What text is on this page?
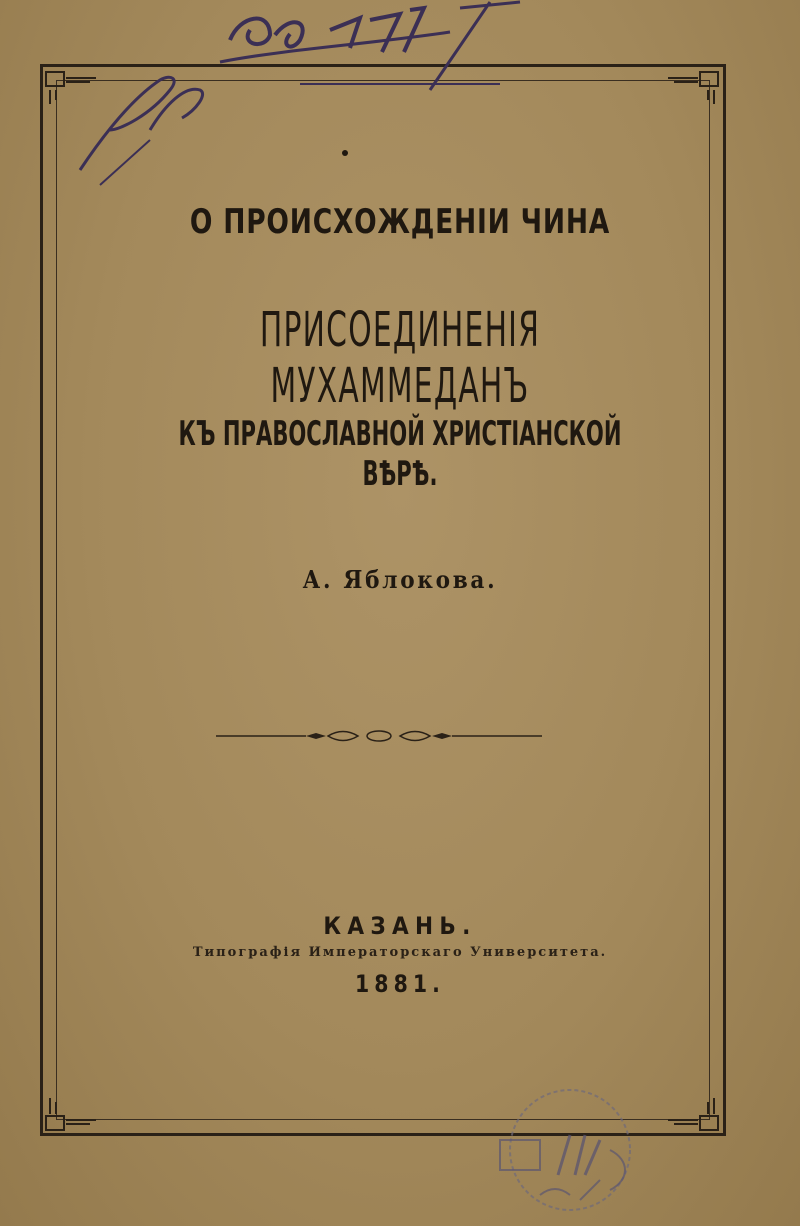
О ПРОИСХОЖДЕНІИ ЧИНА
ПРИСОЕДИНЕНІЯ МУХАММЕДАНЪ
КЪ ПРАВОСЛАВНОЙ ХРИСТІАНСКОЙ ВѢРѢ.
А. Яблокова.
КАЗАНЬ.
Типографія Императорскаго Университета.
1881.
